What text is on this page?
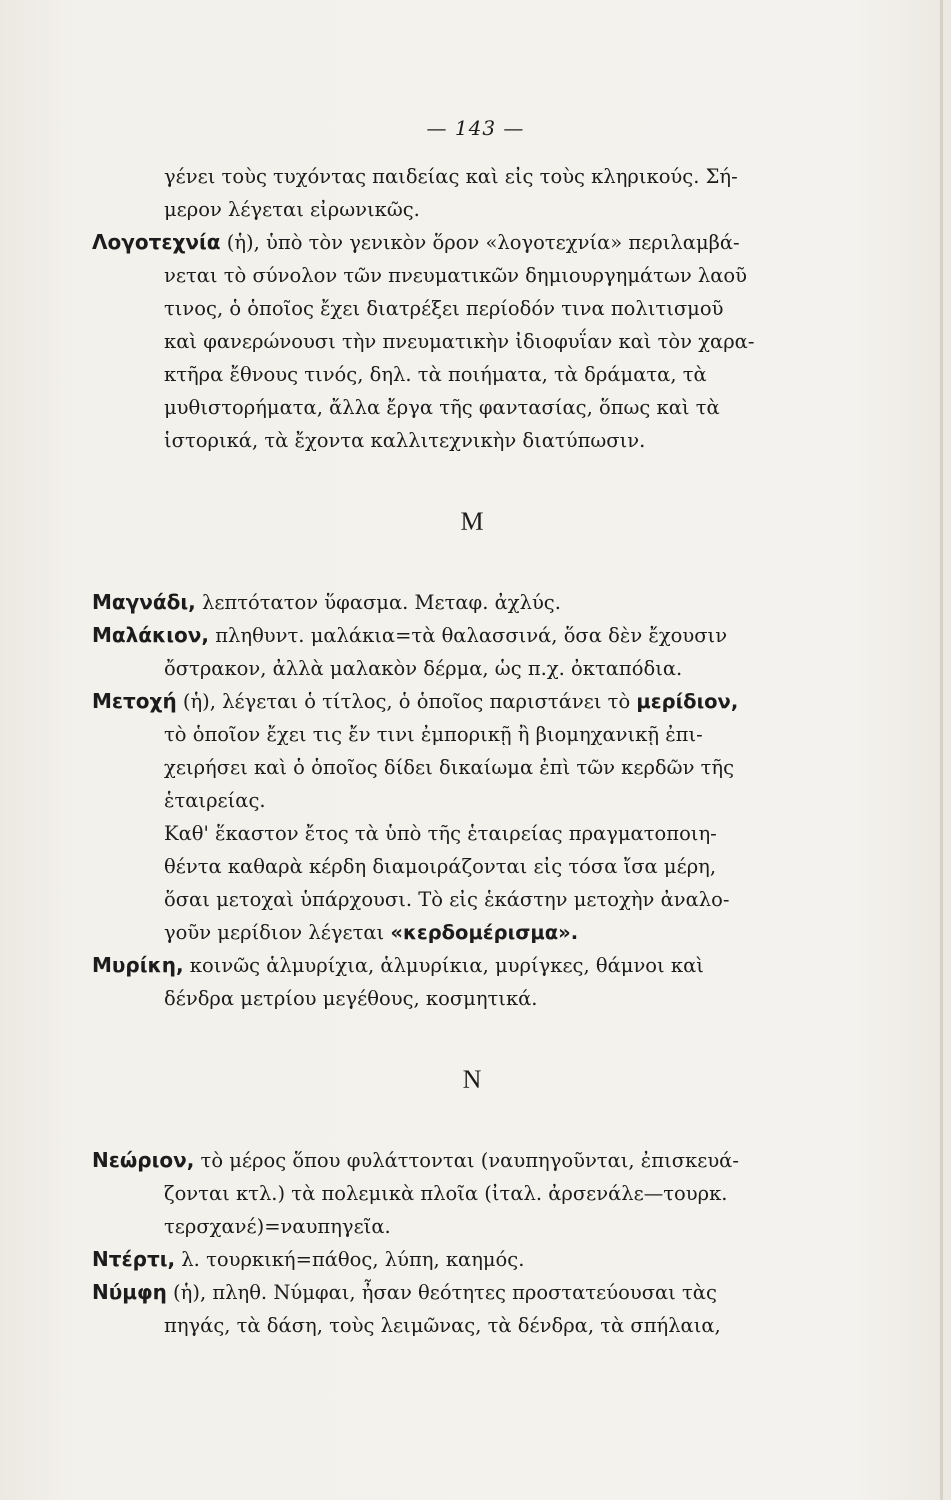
— 143 —
γένει τοὺς τυχόντας παιδείας καὶ εἰς τοὺς κληρικούς. Σή-
μερον λέγεται εἰρωνικῶς.
Λογοτεχνία (ἡ), ὑπὸ τὸν γενικὸν ὅρον «λογοτεχνία» περιλαμβά-
νεται τὸ σύνολον τῶν πνευματικῶν δημιουργημάτων λαοῦ
τινος, ὁ ὁποῖος ἔχει διατρέξει περίοδόν τινα πολιτισμοῦ
καὶ φανερώνουσι τὴν πνευματικὴν ἰδιοφυΐαν καὶ τὸν χαρα-
κτῆρα ἔθνους τινός, δηλ. τὰ ποιήματα, τὰ δράματα, τὰ
μυθιστορήματα, ἄλλα ἔργα τῆς φαντασίας, ὅπως καὶ τὰ
ἱστορικά, τὰ ἔχοντα καλλιτεχνικὴν διατύπωσιν.
Μ
Μαγνάδι, λεπτότατον ὕφασμα. Μεταφ. ἀχλύς.
Μαλάκιον, πληθυντ. μαλάκια=τὰ θαλασσινά, ὅσα δὲν ἔχουσιν
ὄστρακον, ἀλλὰ μαλακὸν δέρμα, ὡς π.χ. ὀκταπόδια.
Μετοχή (ἡ), λέγεται ὁ τίτλος, ὁ ὁποῖος παριστάνει τὸ μερίδιον,
τὸ ὁποῖον ἔχει τις ἔν τινι ἐμπορικῇ ἢ βιομηχανικῇ ἐπι-
χειρήσει καὶ ὁ ὁποῖος δίδει δικαίωμα ἐπὶ τῶν κερδῶν τῆς
ἑταιρείας.
Καθ' ἕκαστον ἔτος τὰ ὑπὸ τῆς ἑταιρείας πραγματοποιη-
θέντα καθαρὰ κέρδη διαμοιράζονται εἰς τόσα ἴσα μέρη,
ὅσαι μετοχαὶ ὑπάρχουσι. Τὸ εἰς ἑκάστην μετοχὴν ἀναλο-
γοῦν μερίδιον λέγεται «κερδομέρισμα».
Μυρίκη, κοινῶς ἁλμυρίχια, ἁλμυρίκια, μυρίγκες, θάμνοι καὶ
δένδρα μετρίου μεγέθους, κοσμητικά.
Ν
Νεώριον, τὸ μέρος ὅπου φυλάττονται (ναυπηγοῦνται, ἐπισκευά-
ζονται κτλ.) τὰ πολεμικὰ πλοῖα (ἰταλ. ἀρσενάλε—τουρκ.
τερσχανέ)=ναυπηγεῖα.
Ντέρτι, λ. τουρκική=πάθος, λύπη, καημός.
Νύμφη (ἡ), πληθ. Νύμφαι, ἦσαν θεότητες προστατεύουσαι τὰς
πηγάς, τὰ δάση, τοὺς λειμῶνας, τὰ δένδρα, τὰ σπήλαια,
